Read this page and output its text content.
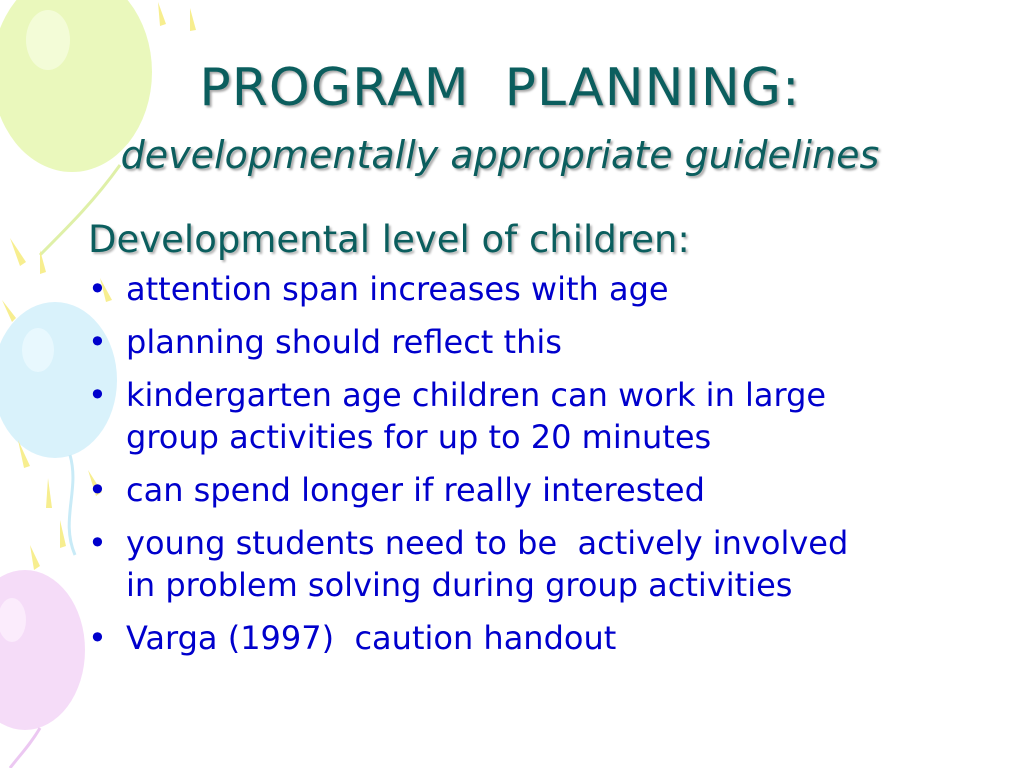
PROGRAM  PLANNING:
developmentally appropriate guidelines
Developmental level of children:
• attention span increases with age
• planning should reflect this
• kindergarten age children can work in large group activities for up to 20 minutes
• can spend longer if really interested
• young students need to be  actively involved in problem solving during group activities
• Varga (1997)  caution handout
